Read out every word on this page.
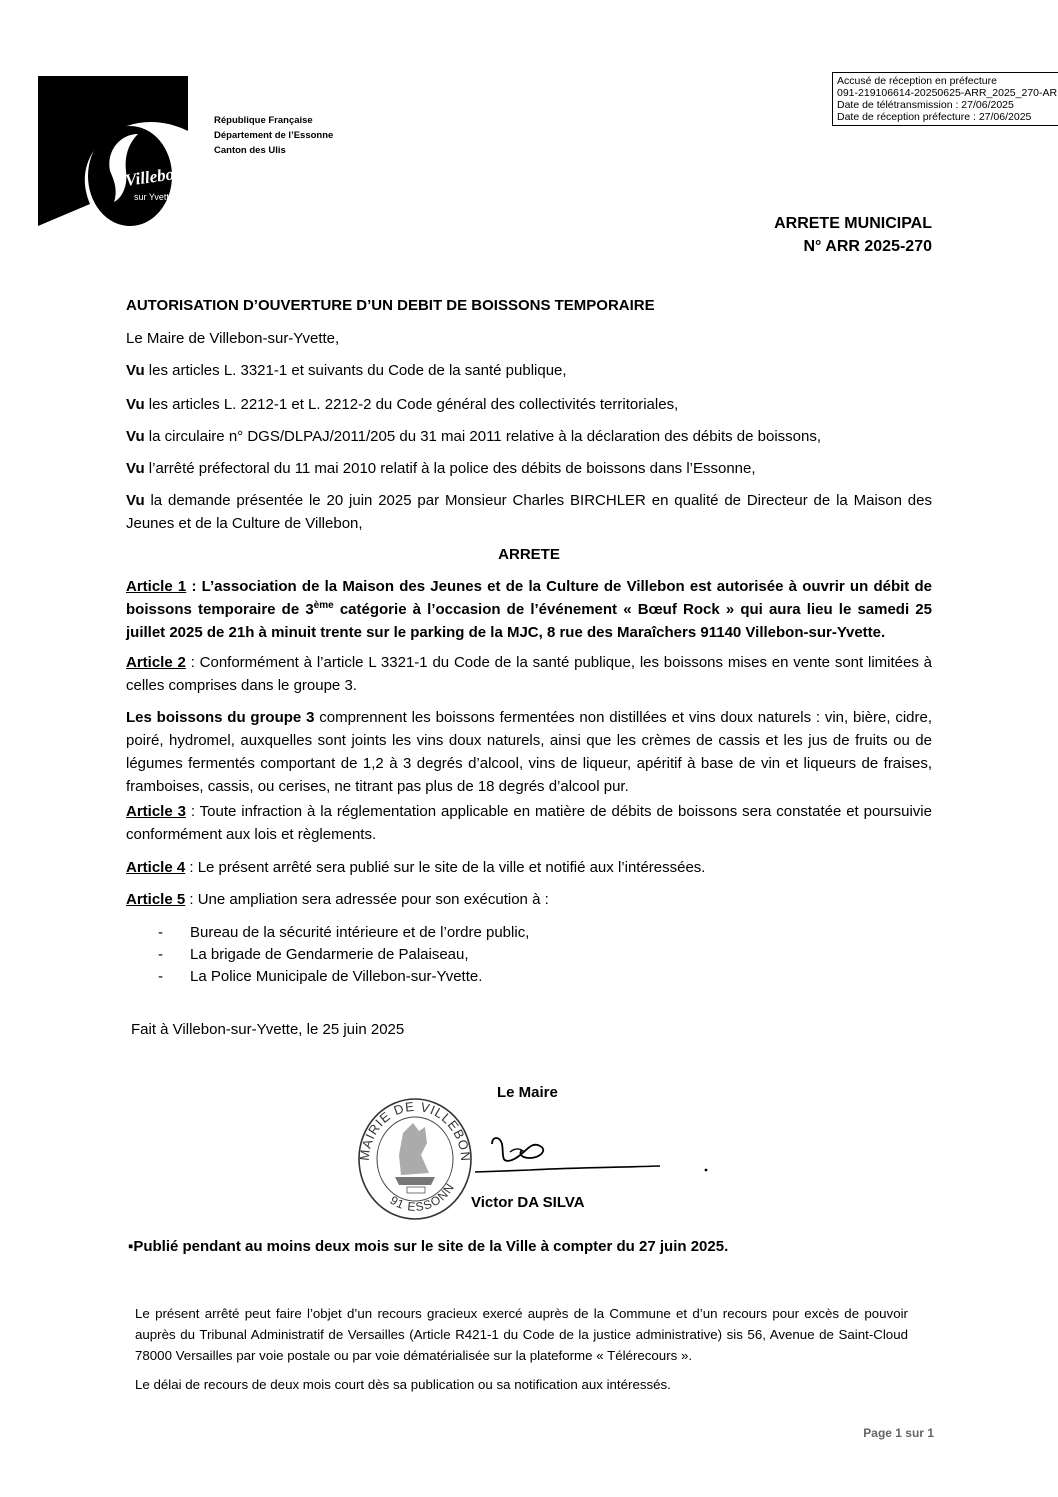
Accusé de réception en préfecture
091-219106614-20250625-ARR_2025_270-AR
Date de télétransmission : 27/06/2025
Date de réception préfecture : 27/06/2025
Villebon
sur Yvette
République Française
Département de l’Essonne
Canton des Ulis
ARRETE MUNICIPAL
N° ARR 2025-270
AUTORISATION D’OUVERTURE D’UN DEBIT DE BOISSONS TEMPORAIRE
Le Maire de Villebon-sur-Yvette,
Vu les articles L. 3321-1 et suivants du Code de la santé publique,
Vu les articles L. 2212-1 et L. 2212-2 du Code général des collectivités territoriales,
Vu la circulaire n° DGS/DLPAJ/2011/205 du 31 mai 2011 relative à la déclaration des débits de boissons,
Vu l’arrêté préfectoral du 11 mai 2010 relatif à la police des débits de boissons dans l’Essonne,
Vu la demande présentée le 20 juin 2025 par Monsieur Charles BIRCHLER en qualité de Directeur de la Maison des Jeunes et de la Culture de Villebon,
ARRETE
Article 1 : L’association de la Maison des Jeunes et de la Culture de Villebon est autorisée à ouvrir un débit de boissons temporaire de 3ème catégorie à l’occasion de l’événement « Bœuf Rock » qui aura lieu le samedi 25 juillet 2025 de 21h à minuit trente sur le parking de la MJC, 8 rue des Maraîchers 91140 Villebon-sur-Yvette.
Article 2 : Conformément à l’article L 3321-1 du Code de la santé publique, les boissons mises en vente sont limitées à celles comprises dans le groupe 3.
Les boissons du groupe 3 comprennent les boissons fermentées non distillées et vins doux naturels : vin, bière, cidre, poiré, hydromel, auxquelles sont joints les vins doux naturels, ainsi que les crèmes de cassis et les jus de fruits ou de légumes fermentés comportant de 1,2 à 3 degrés d’alcool, vins de liqueur, apéritif à base de vin et liqueurs de fraises, framboises, cassis, ou cerises, ne titrant pas plus de 18 degrés d’alcool pur.
Article 3 : Toute infraction à la réglementation applicable en matière de débits de boissons sera constatée et poursuivie conformément aux lois et règlements.
Article 4 : Le présent arrêté sera publié sur le site de la ville et notifié aux l’intéressées.
Article 5 : Une ampliation sera adressée pour son exécution à :
- Bureau de la sécurité intérieure et de l’ordre public,
- La brigade de Gendarmerie de Palaiseau,
- La Police Municipale de Villebon-sur-Yvette.
Fait à Villebon-sur-Yvette, le 25 juin 2025
Le Maire
MAIRIE DE VILLEBON
91 ESSONN
Victor DA SILVA
▪Publié pendant au moins deux mois sur le site de la Ville à compter du 27 juin 2025.
Le présent arrêté peut faire l’objet d’un recours gracieux exercé auprès de la Commune et d’un recours pour excès de pouvoir auprès du Tribunal Administratif de Versailles (Article R421-1 du Code de la justice administrative) sis 56, Avenue de Saint-Cloud 78000 Versailles par voie postale ou par voie dématérialisée sur la plateforme « Télérecours ».
Le délai de recours de deux mois court dès sa publication ou sa notification aux intéressés.
Page 1 sur 1
